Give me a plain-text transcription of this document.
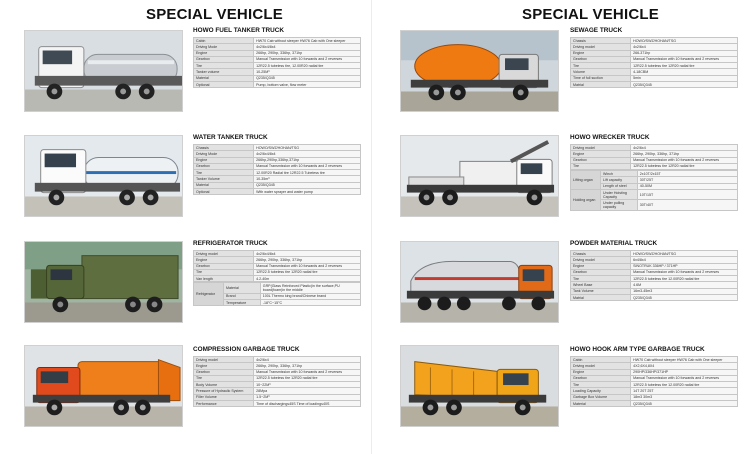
SPECIAL VEHICLE	SPECIAL VEHICLE
HOWO FUEL TANKER TRUCK
Cabin	HW70 Cab without sleeper HW76 Cab with One sleeper
Driving Mode	4x2/6x4/8x4
Engine	266hp, 290hp, 336hp, 371hp
Gearbox	Manual Transmission with 10 forwards and 2 reverses
Tire	12R22.5 tubeless tire, 12.00R20 radial tire
Tanker volume	10-25M³
Material	Q235/Q345
Optional	Pump, bottom valve, flow meter
WATER TANKER TRUCK
Chassis	HOWO/SWZ/HOHAN/TSG
Driving Mode	4x2/6x4/8x4
Engine	266hp,290hp,336hp,371hp
Gearbox	Manual Transmission with 10 forwards and 2 reverses
Tire	12.00R20 Radial tire 12R22.5 Tubeless tire
Tanker Volume	10-35m³
Material	Q235/Q345
Optional	With water sprayer and water pump
REFRIGERATOR TRUCK
Driving model	4x2/6x4/8x4
Engine	266hp, 290hp, 336hp, 371hp
Gearbox	Manual Transmission with 10 forwards and 2 reverses
Tire	12R22.5 tubeless tire 12R20 radial tire
Van length	4.2-40m
Refrigerator	Material	GRP(Glass Reinforced Plastic)in the surface,PU board(foam)in the middle
	Brand	100L Thermo king brand/Chinese brand
	Temperature	-18°C~15°C
COMPRESSION GARBAGE TRUCK
Driving model	4x2/6x4
Engine	266hp, 290hp, 336hp, 371hp
Gearbox	Manual Transmission with 10 forwards and 2 reverses
Tire	12R22.5 tubeless tire 12R20 radial tire
Body Volume	10~22M³
Pressure of Hydraulic System	28Mpa
Filler Volume	1.5~2M³
Performance	Time of discharging≤45S Time of loading≤40S
SEWAGE TRUCK
Chassis	HOWO/SWZ/HOHAN/TSG
Driving model	4x2/6x4
Engine	266-371hp
Gearbox	Manual Transmission with 10 forwards and 2 reverses
Tire	12R22.5 tubeless tire 12R20 radial tire
Volume	4-18CBM
Time of full suction	5min
Matrial	Q235/Q345
HOWO WRECKER TRUCK
Driving model	4x2/6x4
Engine	266hp, 290hp, 336hp, 371hp
Gearbox	Manual Transmission with 10 forwards and 2 reverses
Tire	12R22.5 tubeless tire 12R20 radial tire
Lifting organ	Winch	2x10T/2x15T
	Lift capacity	30T/25T
	Length of steel	40-50M
Holding organ	Under Hoisting Capacity	10T/15T
	Under pulling capacity	30T/40T
POWDER MATERIAL TRUCK
Chassis	HOWO/SWZ/HOHAN/TSG
Driving model	6x4/8x4
Engine	SINOTRUK 336HP / 371HP
Gearbox	Manual Transmission with 10 forwards and 2 reverses
Tire	12R22.5 tubeless tire 12.00R20 radial tire
Wheel Base	4.6M
Tank Volume	16m3-45m3
Matrial	Q235/Q345
HOWO HOOK ARM TYPE GARBAGE TRUCK
Cabin	HW70 Cab without sleeper HW76 Cab with One sleeper
Driving model	4X2,6X4,8X4
Engine	290HP/336HP/371HP
Gearbox	Manual Transmission with 10 forwards and 2 reverses
Tire	12R22.5 tubeless tire 12.00R20 radial tire
Loading Capacity	14T 20T 25T
Garbage Box Volume	18m3 30m3
Material	Q235/Q345
